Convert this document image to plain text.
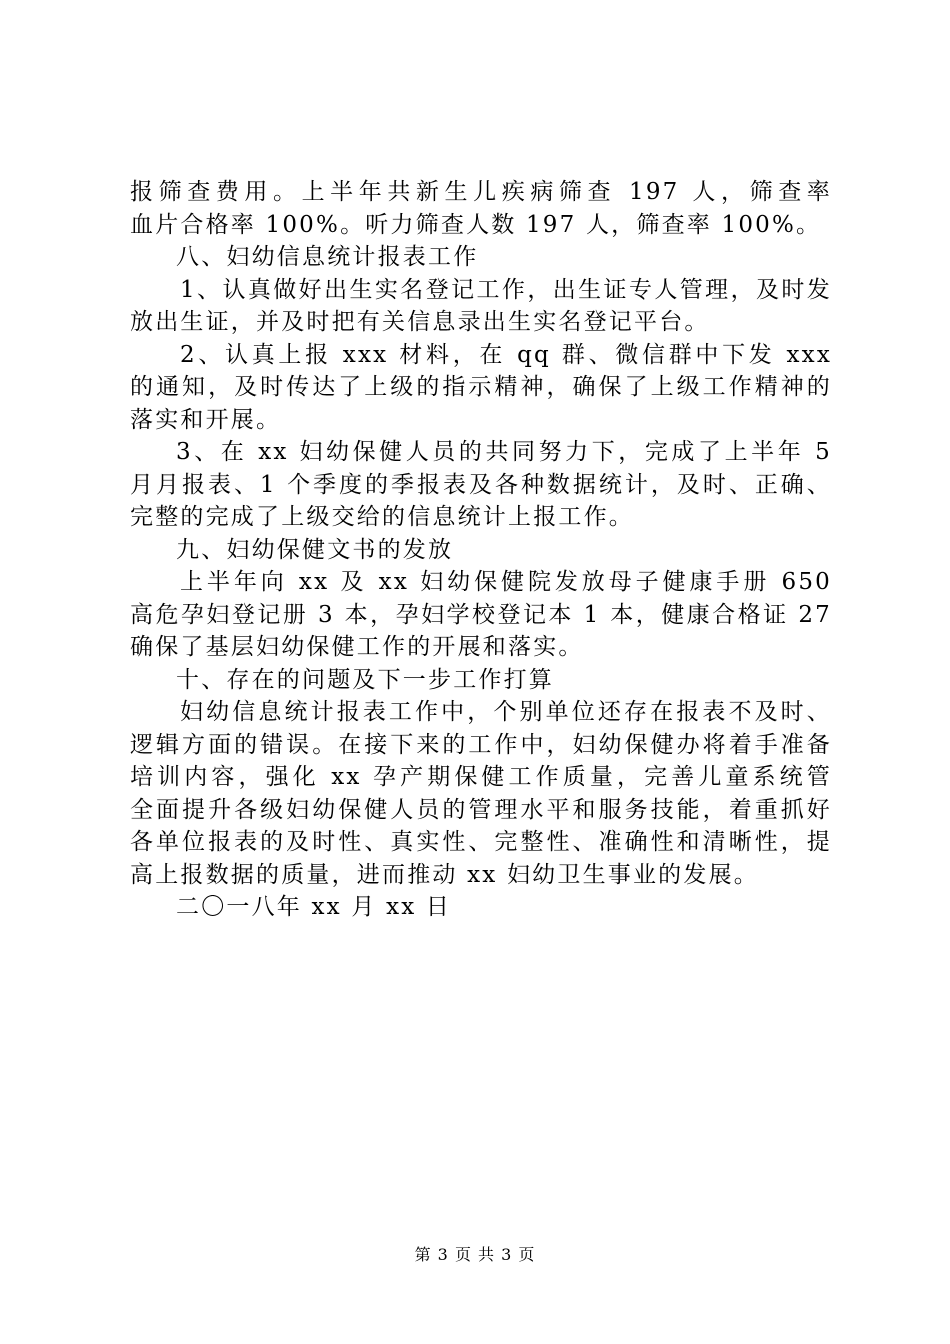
报筛查费用。上半年共新生儿疾病筛查 197 人，筛查率
血片合格率 100%。听力筛查人数 197 人，筛查率 100%。
八、妇幼信息统计报表工作
1、认真做好出生实名登记工作，出生证专人管理，及时发
放出生证，并及时把有关信息录出生实名登记平台。
2、认真上报 xxx 材料，在 qq 群、微信群中下发 xxx
的通知，及时传达了上级的指示精神，确保了上级工作精神的
落实和开展。
3、在 xx 妇幼保健人员的共同努力下，完成了上半年 5
月月报表、1 个季度的季报表及各种数据统计，及时、正确、
完整的完成了上级交给的信息统计上报工作。
九、妇幼保健文书的发放
上半年向 xx 及 xx 妇幼保健院发放母子健康手册 650
高危孕妇登记册 3 本，孕妇学校登记本 1 本，健康合格证 27
确保了基层妇幼保健工作的开展和落实。
十、存在的问题及下一步工作打算
妇幼信息统计报表工作中，个别单位还存在报表不及时、
逻辑方面的错误。在接下来的工作中，妇幼保健办将着手准备
培训内容，强化 xx 孕产期保健工作质量，完善儿童系统管
全面提升各级妇幼保健人员的管理水平和服务技能，着重抓好
各单位报表的及时性、真实性、完整性、准确性和清晰性，提
高上报数据的质量，进而推动 xx 妇幼卫生事业的发展。
二〇一八年 xx 月 xx 日
第 3 页 共 3 页
